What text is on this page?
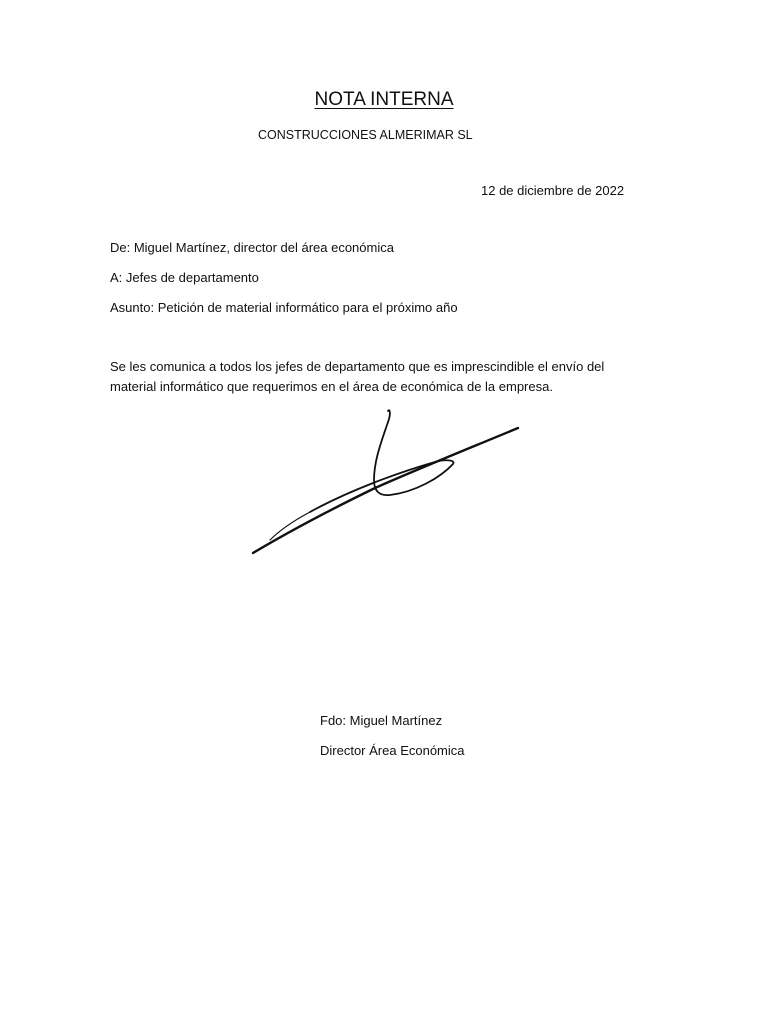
NOTA INTERNA
CONSTRUCCIONES ALMERIMAR SL
12 de diciembre de 2022
De: Miguel Martínez, director del área económica
A: Jefes de departamento
Asunto: Petición de material informático para el próximo año
Se les comunica a todos los jefes de departamento que es imprescindible el envío del material informático que requerimos en el área de económica de la empresa.
Fdo: Miguel Martínez
Director Área Económica
